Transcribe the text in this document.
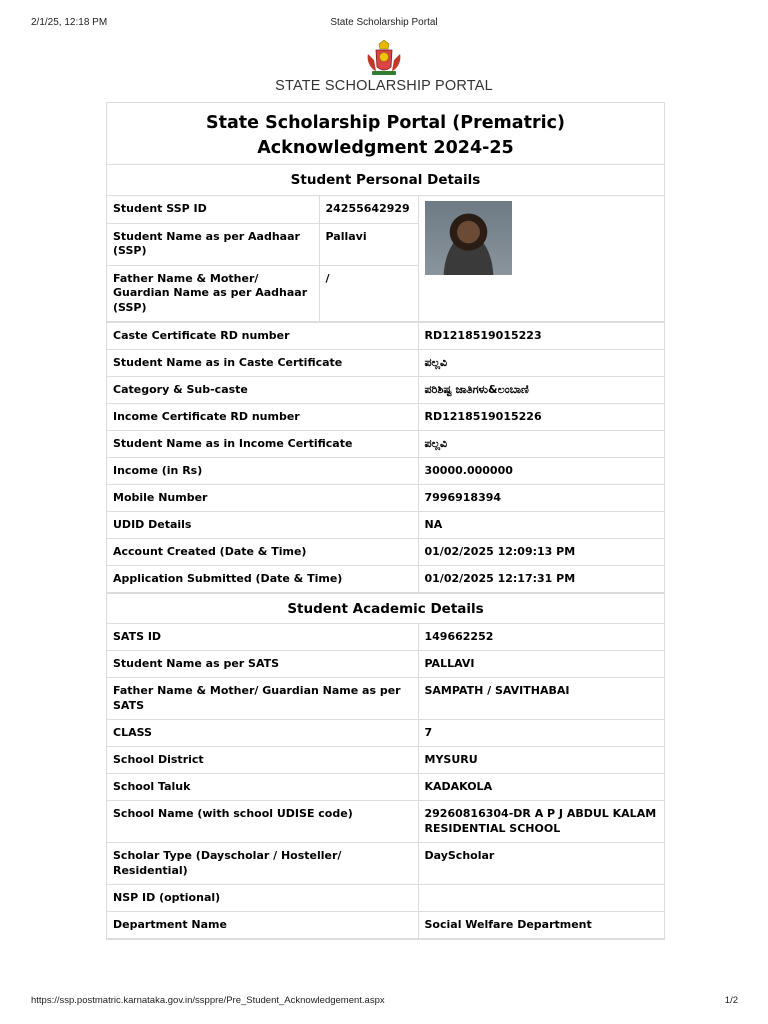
2/1/25, 12:18 PM	State Scholarship Portal
STATE SCHOLARSHIP PORTAL
State Scholarship Portal (Prematric)
Acknowledgment 2024-25
Student Personal Details
Student SSP ID	24255642929	

Student Name as per Aadhaar (SSP)	Pallavi	
Father Name & Mother/ Guardian Name as per Aadhaar (SSP)	/	
Caste Certificate RD number	RD1218519015223
Student Name as in Caste Certificate	ಪಲ್ಲವಿ
Category & Sub-caste	ಪರಿಶಿಷ್ಟ ಜಾತಿಗಳು&ಲಂಬಾಣಿ
Income Certificate RD number	RD1218519015226
Student Name as in Income Certificate	ಪಲ್ಲವಿ
Income (in Rs)	30000.000000
Mobile Number	7996918394
UDID Details	NA
Account Created (Date & Time)	01/02/2025 12:09:13 PM
Application Submitted (Date & Time)	01/02/2025 12:17:31 PM
Student Academic Details
SATS ID	149662252
Student Name as per SATS	PALLAVI
Father Name & Mother/ Guardian Name as per SATS	SAMPATH / SAVITHABAI
CLASS	7
School District	MYSURU
School Taluk	KADAKOLA
School Name (with school UDISE code)	29260816304-DR A P J ABDUL KALAM RESIDENTIAL SCHOOL
Scholar Type (Dayscholar / Hosteller/ Residential)	DayScholar
NSP ID (optional)	
Department Name	Social Welfare Department
https://ssp.postmatric.karnataka.gov.in/ssppre/Pre_Student_Acknowledgement.aspx	1/2
